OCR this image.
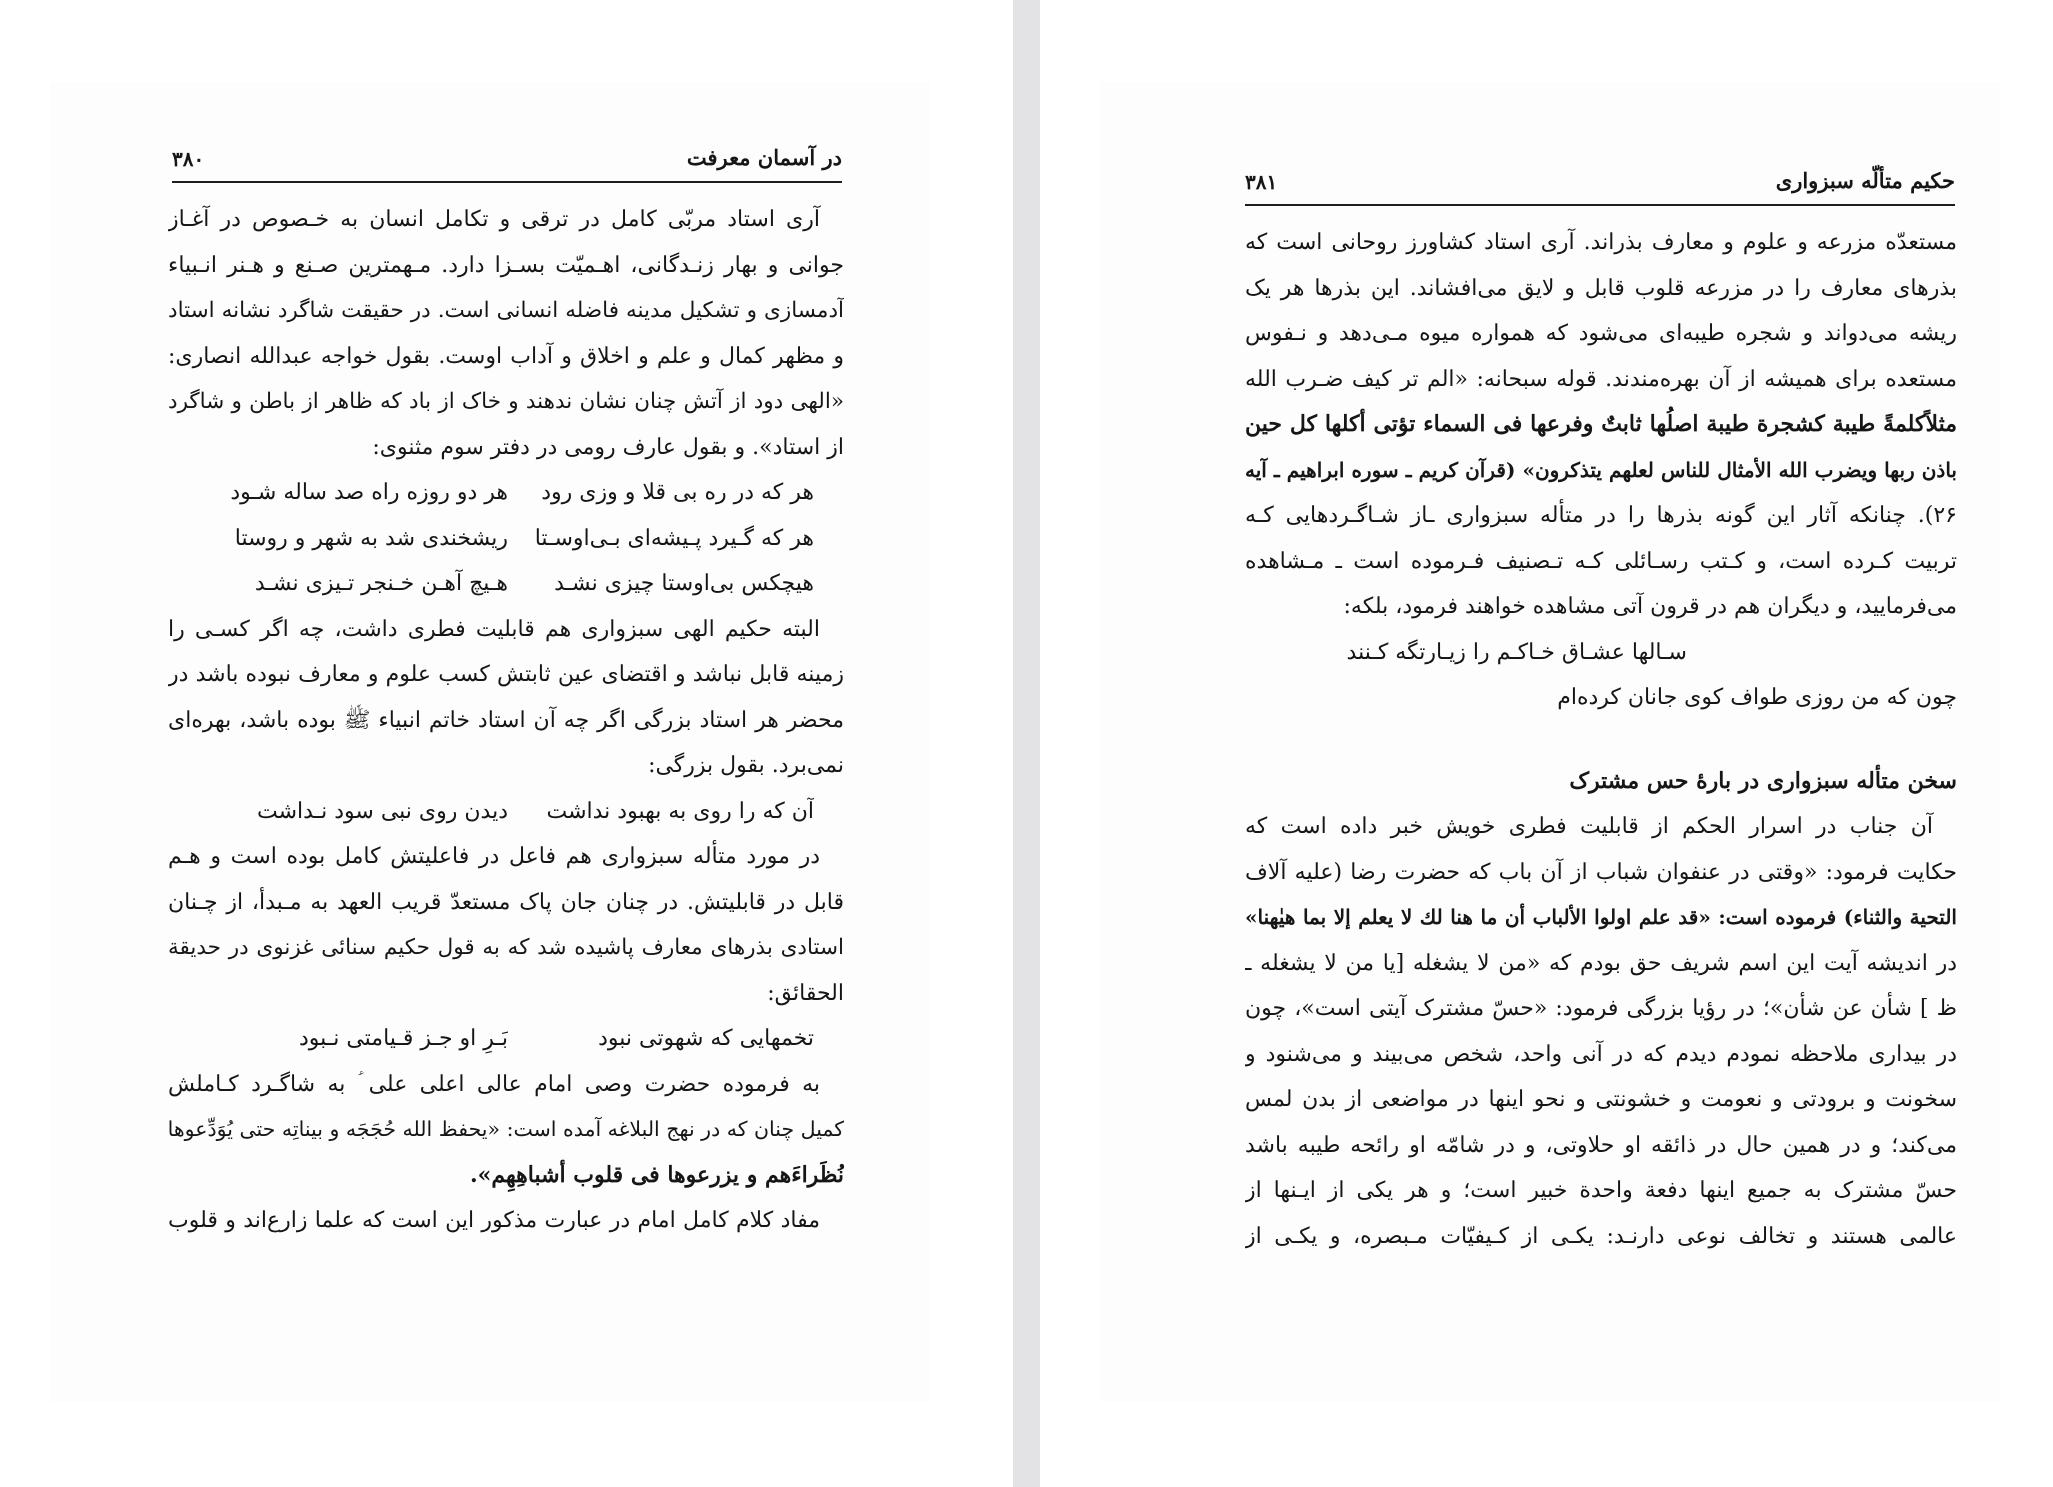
در آسمان معرفت
۳۸۰
آری استاد مربّی کامل در ترقی و تکامل انسان به خـصوص در آغـاز
جوانی و بهار زنـدگانی، اهـمیّت بسـزا دارد. مـهمترین صـنع و هـنر انـبیاء
آدمسازی و تشکیل مدینه فاضله انسانی است. در حقیقت شاگرد نشانه استاد
و مظهر کمال و علم و اخلاق و آداب اوست. بقول خواجه عبدالله انصاری:
«الهی دود از آتش چنان نشان ندهند و خاک از باد که ظاهر از باطن و شاگرد
از استاد». و بقول عارف رومی در دفتر سوم مثنوی:
هر که در ره بی قلا و وزی رود
هر دو روزه راه صد ساله شـود
هر که گـیرد پـیشه‌ای بـی‌اوسـتا
ریشخندی شد به شهر و روستا
هیچکس بی‌اوستا چیزی نشـد
هـیچ آهـن خـنجر تـیزی نشـد
البته حکیم الهی سبزواری هم قابلیت فطری داشت، چه اگر کسـی را
زمینه قابل نباشد و اقتضای عین ثابتش کسب علوم و معارف نبوده باشد در
محضر هر استاد بزرگی اگر چه آن استاد خاتم انبیاء ﷺ بوده باشد، بهره‌ای
نمی‌برد. بقول بزرگی:
آن که را روی به بهبود نداشت
دیدن روی نبی سود نـداشت
در مورد متأله سبزواری هم فاعل در فاعلیتش کامل بوده است و هـم
قابل در قابلیتش. در چنان جان پاک مستعدّ قریب العهد به مـبدأ، از چـنان
استادی بذرهای معارف پاشیده شد که به قول حکیم سنائی غزنوی در حدیقة
الحقائق:
تخمهایی که شهوتی نبود
بَـرِ او جـز قـیامتی نـبود
به فرموده حضرت وصی امام عالی اعلی علی ؑ به شاگـرد کـاملش
کمیل چنان که در نهج البلاغه آمده است: «یحفظ الله حُجَجَه و بیناتِه حتی یُوَدِّعوها
نُظَراءَهم و یزرعوها فی قلوب أشباهِهِم».
مفاد کلام کامل امام در عبارت مذکور این است که علما زارع‌اند و قلوب
حکیم متألّه سبزواری
۳۸۱
مستعدّه مزرعه و علوم و معارف بذراند. آری استاد کشاورز روحانی است که
بذرهای معارف را در مزرعه قلوب قابل و لایق می‌افشاند. این بذرها هر یک
ریشه می‌دواند و شجره طیبه‌ای می‌شود که همواره میوه مـی‌دهد و نـفوس
مستعده برای همیشه از آن بهره‌مندند. قوله سبحانه: «الم تر کیف ضـرب الله
مثلاًکلمةً طیبة کشجرة طیبة اصلُها ثابتٌ وفرعها فی السماء تؤتی أکلها کل حین
باذن ربها ویضرب الله الأمثال للناس لعلهم یتذکرون» (قرآن کریم ـ سوره ابراهیم ـ آیه
۲۶). چنانکه آثار این گونه بذرها را در متأله سبزواری ـاز شـاگـردهایی کـه
تربیت کـرده است، و کـتب رسـائلی کـه تـصنیف فـرموده است ـ مـشاهده
می‌فرمایید، و دیگران هم در قرون آتی مشاهده خواهند فرمود، بلکه:
سـالها عشـاق خـاکـم را زیـارتگه کـنند
چون که من روزی طواف کوی جانان کرده‌ام
سخن متأله سبزواری در بارهٔ حس مشترک
آن جناب در اسرار الحکم از قابلیت فطری خویش خبر داده است که
حکایت فرمود: «وقتی در عنفوان شباب از آن باب که حضرت رضا (علیه آلاف
التحیة والثناء) فرموده است: «قد علم اولوا الألباب أن ما هنا لك لا یعلم إلا بما هیٰهنا»
در اندیشه آیت این اسم شریف حق بودم که «من لا یشغله [یا من لا یشغله ـ
ظ ] شأن عن شأن»؛ در رؤیا بزرگی فرمود: «حسّ مشترک آیتی است»، چون
در بیداری ملاحظه نمودم دیدم که در آنی واحد، شخص می‌بیند و می‌شنود و
سخونت و برودتی و نعومت و خشونتی و نحو اینها در مواضعی از بدن لمس
می‌کند؛ و در همین حال در ذائقه او حلاوتی، و در شامّه او رائحه طیبه باشد
حسّ مشترک به جمیع اینها دفعة واحدة خبیر است؛ و هر یکی از ایـنها از
عالمی هستند و تخالف نوعی دارنـد: یکـی از کـیفیّات مـبصره، و یکـی از
